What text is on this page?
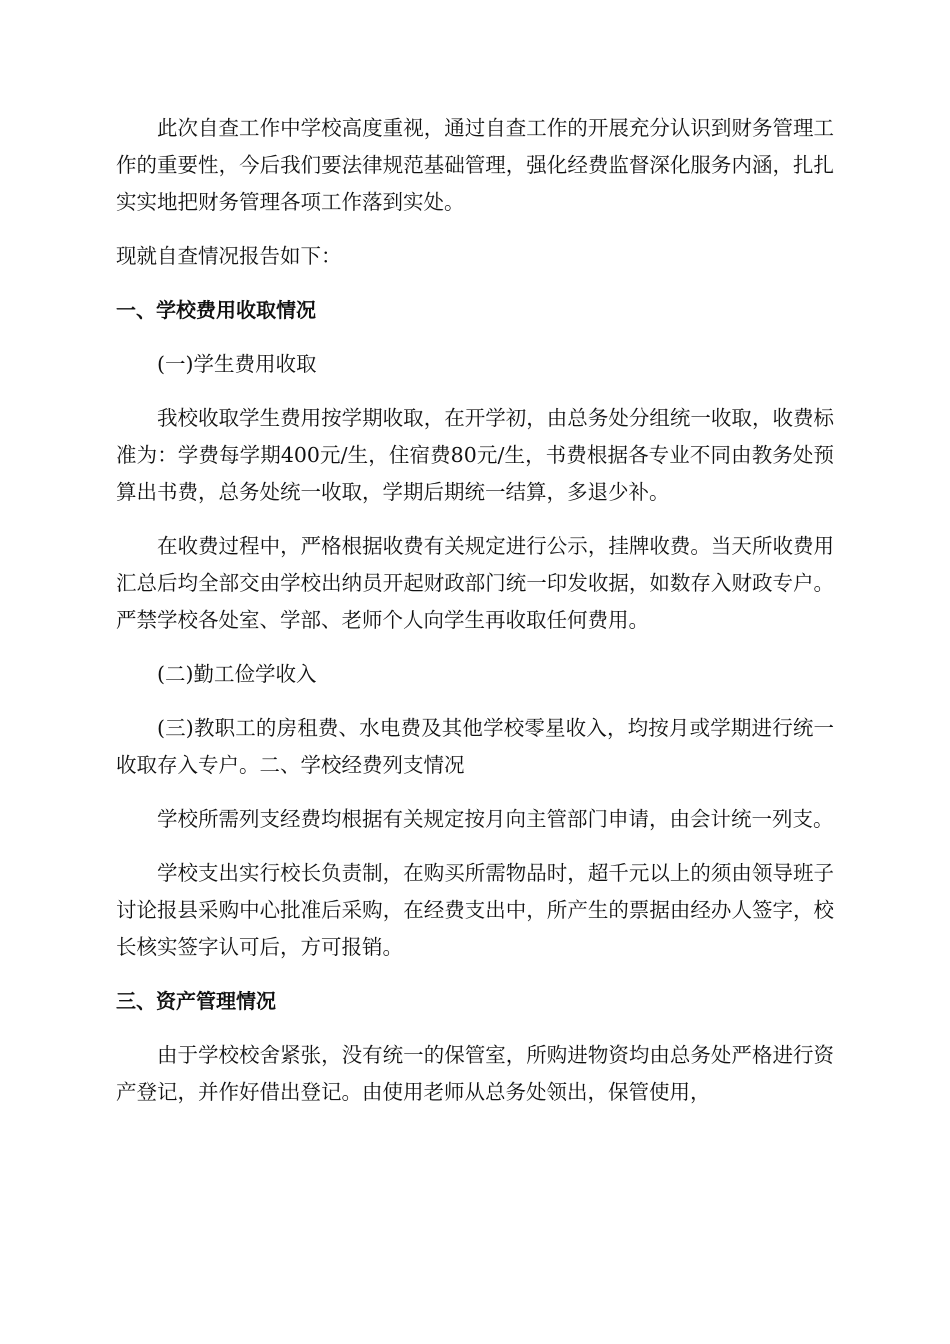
此次自查工作中学校高度重视，通过自查工作的开展充分认识到财务管理工作的重要性，今后我们要法律规范基础管理，强化经费监督深化服务内涵，扎扎实实地把财务管理各项工作落到实处。

现就自查情况报告如下：

一、学校费用收取情况

(一)学生费用收取

我校收取学生费用按学期收取，在开学初，由总务处分组统一收取，收费标准为：学费每学期400元/生，住宿费80元/生，书费根据各专业不同由教务处预算出书费，总务处统一收取，学期后期统一结算，多退少补。

在收费过程中，严格根据收费有关规定进行公示，挂牌收费。当天所收费用汇总后均全部交由学校出纳员开起财政部门统一印发收据，如数存入财政专户。严禁学校各处室、学部、老师个人向学生再收取任何费用。

(二)勤工俭学收入

(三)教职工的房租费、水电费及其他学校零星收入，均按月或学期进行统一收取存入专户。二、学校经费列支情况

学校所需列支经费均根据有关规定按月向主管部门申请，由会计统一列支。

学校支出实行校长负责制，在购买所需物品时，超千元以上的须由领导班子讨论报县采购中心批准后采购，在经费支出中，所产生的票据由经办人签字，校长核实签字认可后，方可报销。

三、资产管理情况

由于学校校舍紧张，没有统一的保管室，所购进物资均由总务处严格进行资产登记，并作好借出登记。由使用老师从总务处领出，保管使用，
